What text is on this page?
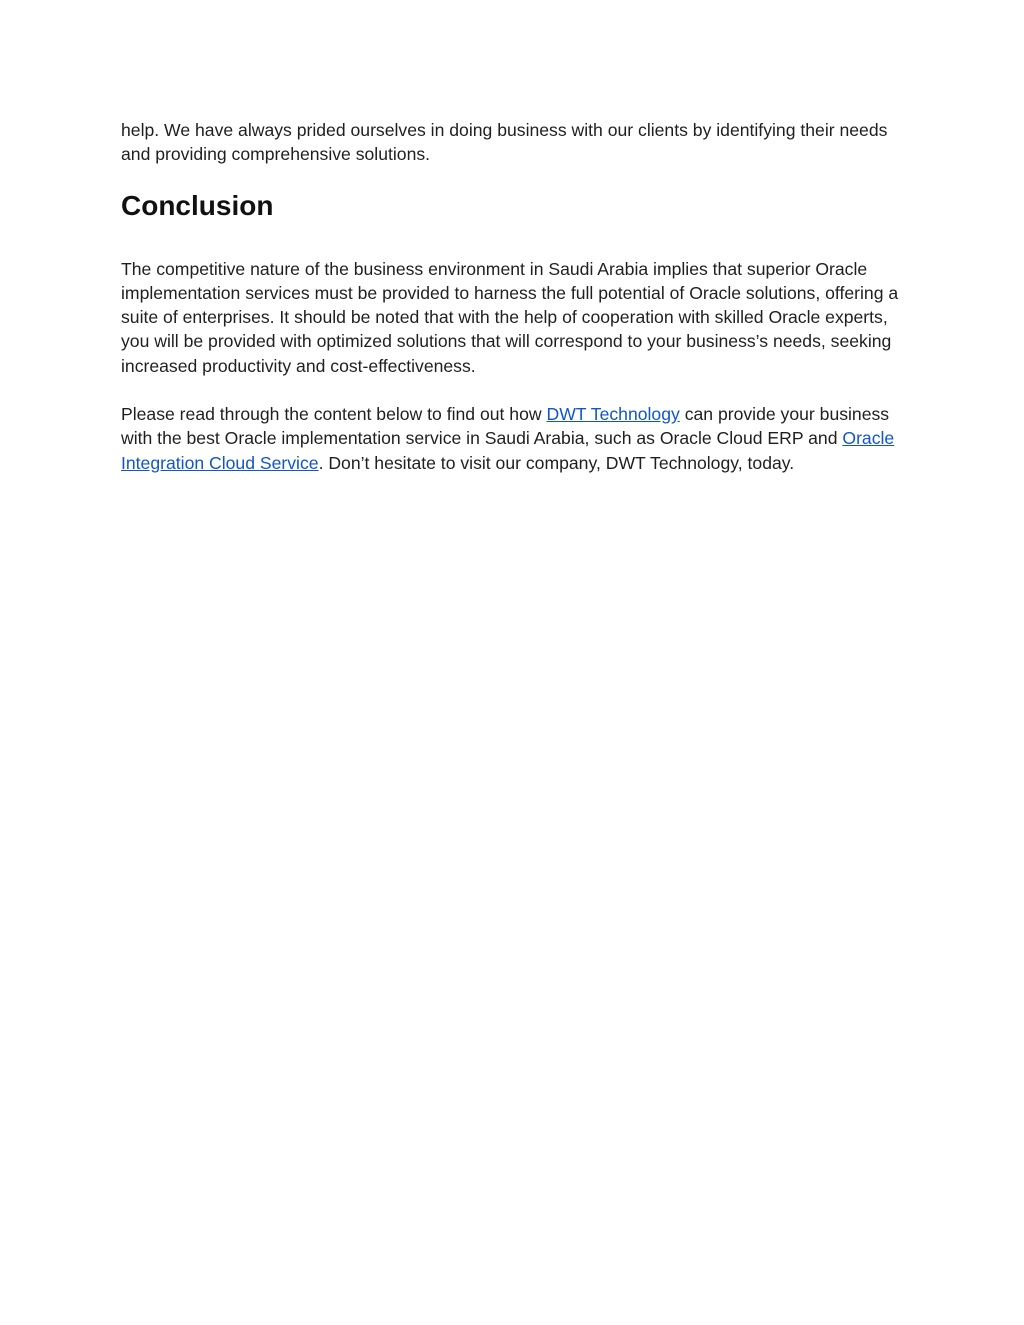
help. We have always prided ourselves in doing business with our clients by identifying their needs and providing comprehensive solutions.

Conclusion

The competitive nature of the business environment in Saudi Arabia implies that superior Oracle implementation services must be provided to harness the full potential of Oracle solutions, offering a suite of enterprises. It should be noted that with the help of cooperation with skilled Oracle experts, you will be provided with optimized solutions that will correspond to your business’s needs, seeking increased productivity and cost-effectiveness.

Please read through the content below to find out how DWT Technology can provide your business with the best Oracle implementation service in Saudi Arabia, such as Oracle Cloud ERP and Oracle Integration Cloud Service. Don’t hesitate to visit our company, DWT Technology, today.
